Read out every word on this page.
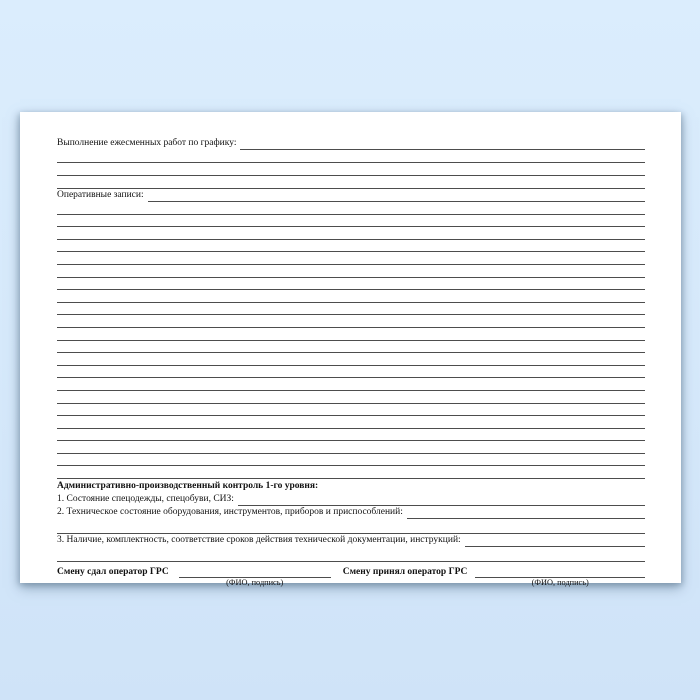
Выполнение ежесменных работ по графику:
Оперативные записи:
Административно-производственный контроль 1-го уровня:
1. Состояние спецодежды, спецобуви, СИЗ:
2. Техническое состояние оборудования, инструментов, приборов и приспособлений:
3. Наличие, комплектность, соответствие сроков действия технической документации, инструкций:
Смену сдал оператор ГРС
(ФИО, подпись)
Смену принял оператор ГРС
(ФИО, подпись)
